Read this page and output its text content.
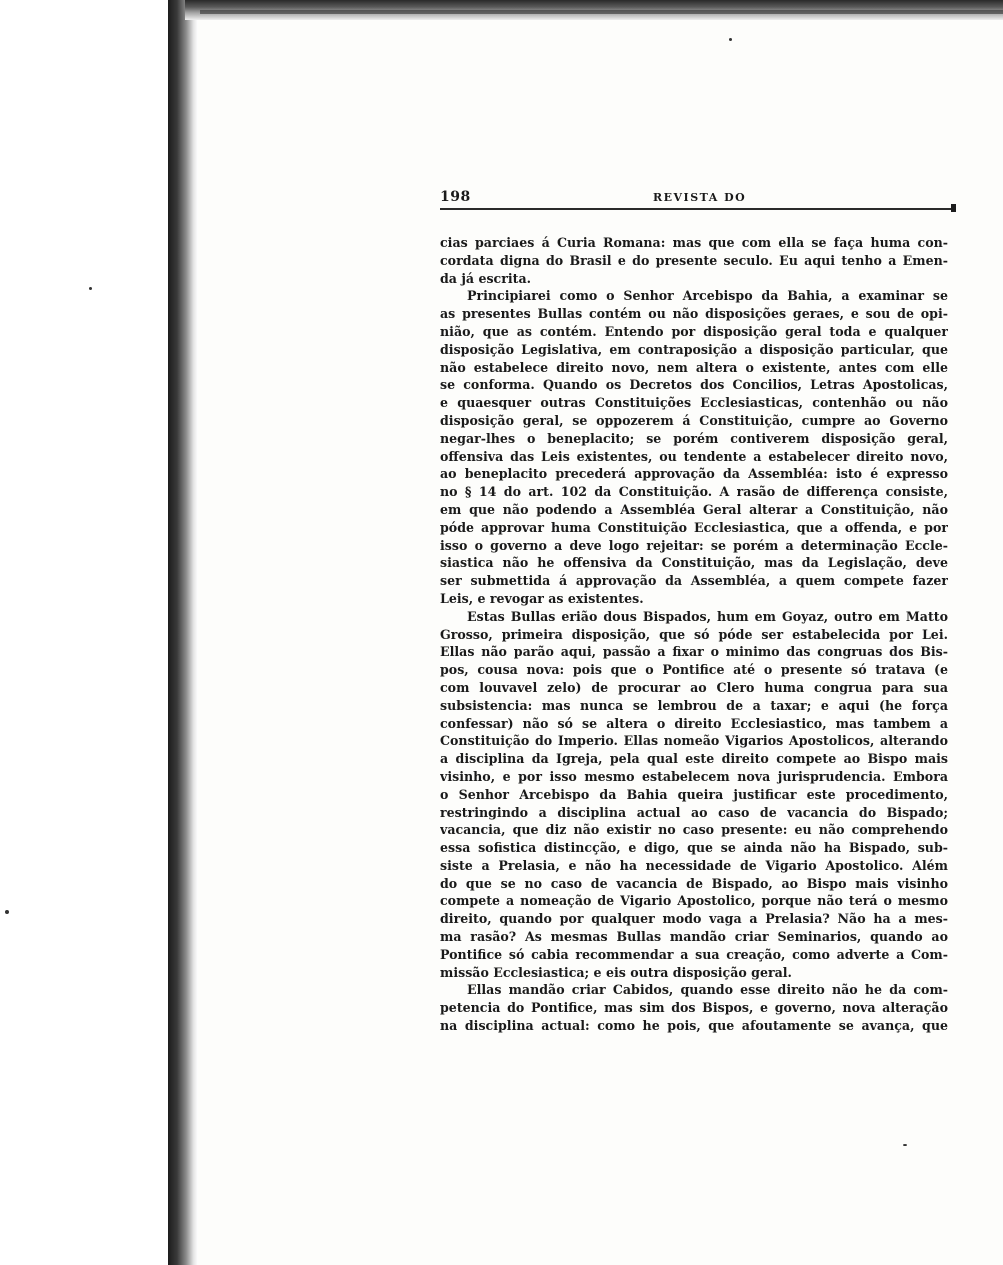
198	REVISTA DO
cias parciaes á Curia Romana: mas que com ella se faça huma con-
cordata digna do Brasil e do presente seculo. Eu aqui tenho a Emen-
da já escrita.
Principiarei como o Senhor Arcebispo da Bahia, a examinar se
as presentes Bullas contém ou não disposições geraes, e sou de opi-
nião, que as contém. Entendo por disposição geral toda e qualquer
disposição Legislativa, em contraposição a disposição particular, que
não estabelece direito novo, nem altera o existente, antes com elle
se conforma. Quando os Decretos dos Concilios, Letras Apostolicas,
e quaesquer outras Constituições Ecclesiasticas, contenhão ou não
disposição geral, se oppozerem á Constituição, cumpre ao Governo
negar-lhes o beneplacito; se porém contiverem disposição geral,
offensiva das Leis existentes, ou tendente a estabelecer direito novo,
ao beneplacito precederá approvação da Assembléa: isto é expresso
no § 14 do art. 102 da Constituição. A rasão de differença consiste,
em que não podendo a Assembléa Geral alterar a Constituição, não
póde approvar huma Constituição Ecclesiastica, que a offenda, e por
isso o governo a deve logo rejeitar: se porém a determinação Eccle-
siastica não he offensiva da Constituição, mas da Legislação, deve
ser submettida á approvação da Assembléa, a quem compete fazer
Leis, e revogar as existentes.
Estas Bullas erião dous Bispados, hum em Goyaz, outro em Matto
Grosso, primeira disposição, que só póde ser estabelecida por Lei.
Ellas não parão aqui, passão a fixar o minimo das congruas dos Bis-
pos, cousa nova: pois que o Pontifice até o presente só tratava (e
com louvavel zelo) de procurar ao Clero huma congrua para sua
subsistencia: mas nunca se lembrou de a taxar; e aqui (he força
confessar) não só se altera o direito Ecclesiastico, mas tambem a
Constituição do Imperio. Ellas nomeão Vigarios Apostolicos, alterando
a disciplina da Igreja, pela qual este direito compete ao Bispo mais
visinho, e por isso mesmo estabelecem nova jurisprudencia. Embora
o Senhor Arcebispo da Bahia queira justificar este procedimento,
restringindo a disciplina actual ao caso de vacancia do Bispado;
vacancia, que diz não existir no caso presente: eu não comprehendo
essa sofistica distincção, e digo, que se ainda não ha Bispado, sub-
siste a Prelasia, e não ha necessidade de Vigario Apostolico. Além
do que se no caso de vacancia de Bispado, ao Bispo mais visinho
compete a nomeação de Vigario Apostolico, porque não terá o mesmo
direito, quando por qualquer modo vaga a Prelasia? Não ha a mes-
ma rasão? As mesmas Bullas mandão criar Seminarios, quando ao
Pontifice só cabia recommendar a sua creação, como adverte a Com-
missão Ecclesiastica; e eis outra disposição geral.
Ellas mandão criar Cabidos, quando esse direito não he da com-
petencia do Pontifice, mas sim dos Bispos, e governo, nova alteração
na disciplina actual: como he pois, que afoutamente se avança, que
